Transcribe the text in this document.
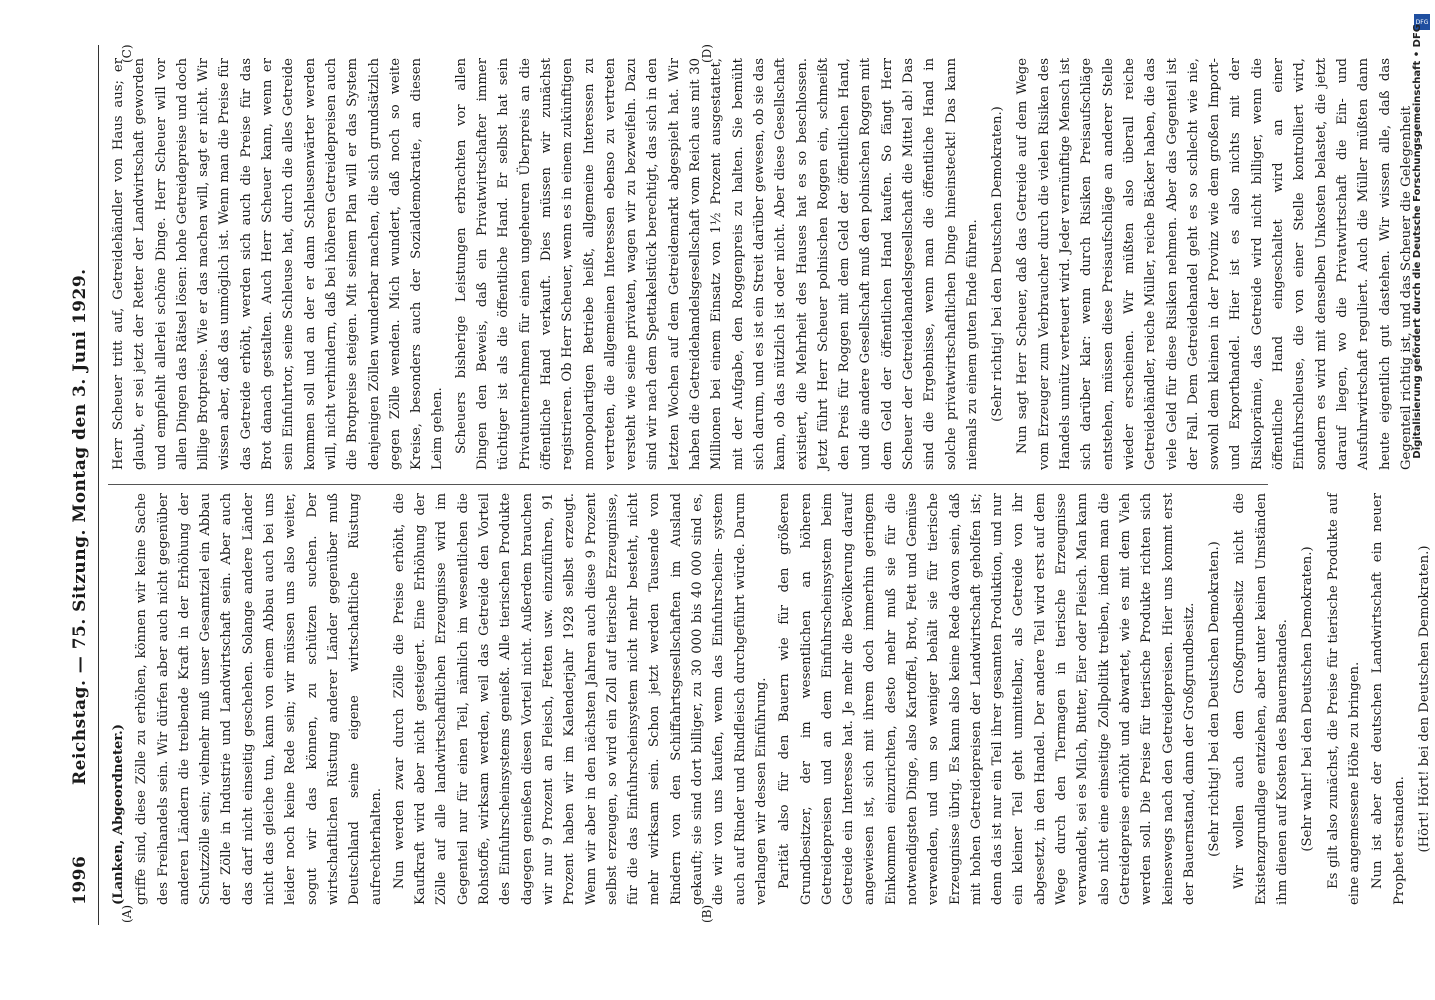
1996
Reichstag. — 75. Sitzung. Montag den 3. Juni 1929.
(A)	(B)
(C)	(D)

(Lanken, Abgeordneter.) griffe sind, diese Zölle zu erhöhen, können wir keine Sache des Freihandels sein. Wir dürfen aber auch nicht gegenüber anderen Ländern die treibende Kraft in der Erhöhung der Schutzzölle sein; vielmehr muß unser Gesamtziel ein Abbau der Zölle in Industrie und Landwirtschaft sein. Aber auch das darf nicht einseitig geschehen. Solange andere Länder nicht das gleiche tun, kann von einem Abbau auch bei uns leider noch keine Rede sein; wir müssen uns also weiter, sogut wir das können, zu schützen suchen. Der wirtschaftlichen Rüstung anderer Länder gegenüber muß Deutschland seine eigene wirtschaftliche Rüstung aufrechterhalten. Nun werden zwar durch Zölle die Preise erhöht, die Kaufkraft wird aber nicht gesteigert. Eine Erhöhung der Zölle auf alle landwirtschaftlichen Erzeugnisse wird im Gegenteil nur für einen Teil, nämlich im wesentlichen die Rohstoffe, wirksam werden, weil das Getreide den Vorteil des Einfuhrscheinsystems genießt. Alle tierischen Produkte dagegen genießen diesen Vorteil nicht. Außerdem brauchen wir nur 9 Prozent an Fleisch, Fetten usw. einzuführen, 91 Prozent haben wir im Kalenderjahr 1928 selbst erzeugt. Wenn wir aber in den nächsten Jahren auch diese 9 Prozent selbst erzeugen, so wird ein Zoll auf tierische Erzeugnisse, für die das Einfuhrscheinsystem nicht mehr besteht, nicht mehr wirksam sein. Schon jetzt werden Tausende von Rindern von den Schiffahrtsgesellschaften im Ausland gekauft; sie sind dort billiger, zu 30 000 bis 40 000 sind es, die wir von uns kaufen, wenn das Einfuhrschein- system auch auf Rinder und Rindfleisch durchgeführt würde. Darum verlangen wir dessen Einführung. Parität also für den Bauern wie für den größeren Grundbesitzer, der im wesentlichen an höheren Getreidepreisen und an dem Einfuhrscheinsystem beim Getreide ein Interesse hat. Je mehr die Bevölkerung darauf angewiesen ist, sich mit ihrem doch immerhin geringem Einkommen einzurichten, desto mehr muß sie für die notwendigsten Dinge, also Kartoffel, Brot, Fett und Gemüse verwenden, und um so weniger behält sie für tierische Erzeugnisse übrig. Es kann also keine Rede davon sein, daß mit hohen Getreidepreisen der Landwirtschaft geholfen ist; denn das ist nur ein Teil ihrer gesamten Produktion, und nur ein kleiner Teil geht unmittelbar, als Getreide von ihr abgesetzt, in den Handel. Der andere Teil wird erst auf dem Wege durch den Tiermagen in tierische Erzeugnisse verwandelt, sei es Milch, Butter, Eier oder Fleisch. Man kann also nicht eine einseitige Zollpolitik treiben, indem man die Getreidepreise erhöht und abwartet, wie es mit dem Vieh werden soll. Die Preise für tierische Produkte richten sich keineswegs nach den Getreidepreisen. Hier uns kommt erst der Bauernstand, dann der Großgrundbesitz. (Sehr richtig! bei den Deutschen Demokraten.) Wir wollen auch dem Großgrundbesitz nicht die Existenzgrundlage entziehen, aber unter keinen Umständen ihm dienen auf Kosten des Bauernstandes. (Sehr wahr! bei den Deutschen Demokraten.) Es gilt also zunächst, die Preise für tierische Produkte auf eine angemessene Höhe zu bringen. Nun ist aber der deutschen Landwirtschaft ein neuer Prophet erstanden. (Hört! Hört! bei den Deutschen Demokraten.)

Herr Scheuer tritt auf, Getreidehändler von Haus aus; er glaubt, er sei jetzt der Retter der Landwirtschaft geworden und empfiehlt allerlei schöne Dinge. Herr Scheuer will vor allen Dingen das Rätsel lösen: hohe Getreidepreise und doch billige Brotpreise. Wie er das machen will, sagt er nicht. Wir wissen aber, daß das unmöglich ist. Wenn man die Preise für das Getreide erhöht, werden sich auch die Preise für das Brot danach gestalten. Auch Herr Scheuer kann, wenn er sein Einfuhrtor, seine Schleuse hat, durch die alles Getreide kommen soll und an der er dann Schleusenwärter werden will, nicht verhindern, daß bei höheren Getreidepreisen auch die Brotpreise steigen. Mit seinem Plan will er das System denjenigen Zöllen wunderbar machen, die sich grundsätzlich gegen Zölle wenden. Mich wundert, daß noch so weite Kreise, besonders auch der Sozialdemokratie, an diesen Leim gehen. Scheuers bisherige Leistungen erbrachten vor allen Dingen den Beweis, daß ein Privatwirtschafter immer tüchtiger ist als die öffentliche Hand. Er selbst hat sein Privatunternehmen für einen ungeheuren Überpreis an die öffentliche Hand verkauft. Dies müssen wir zunächst registrieren. Ob Herr Scheuer, wenn es in einem zukünftigen monopolartigen Betriebe heißt, allgemeine Interessen zu vertreten, die allgemeinen Interessen ebenso zu vertreten versteht wie seine privaten, wagen wir zu bezweifeln. Dazu sind wir nach dem Spettakelstück berechtigt, das sich in den letzten Wochen auf dem Getreidemarkt abgespielt hat. Wir haben die Getreidehandelsgesellschaft vom Reich aus mit 30 Millionen bei einem Einsatz von 1½ Prozent ausgestattet, mit der Aufgabe, den Roggenpreis zu halten. Sie bemüht sich darum, und es ist ein Streit darüber gewesen, ob sie das kann, ob das nützlich ist oder nicht. Aber diese Gesellschaft existiert, die Mehrheit des Hauses hat es so beschlossen. Jetzt führt Herr Scheuer polnischen Roggen ein, schmeißt den Preis für Roggen mit dem Geld der öffentlichen Hand, und die andere Gesellschaft muß den polnischen Roggen mit dem Geld der öffentlichen Hand kaufen. So fängt Herr Scheuer der Getreidehandelsgesellschaft die Mittel ab! Das sind die Ergebnisse, wenn man die öffentliche Hand in solche privatwirtschaftlichen Dinge hineinsteckt! Das kann niemals zu einem guten Ende führen. (Sehr richtig! bei den Deutschen Demokraten.) Nun sagt Herr Scheuer, daß das Getreide auf dem Wege vom Erzeuger zum Verbraucher durch die vielen Risiken des Handels unnütz verteuert wird. Jeder vernünftige Mensch ist sich darüber klar: wenn durch Risiken Preisaufschläge entstehen, müssen diese Preisaufschläge an anderer Stelle wieder erscheinen. Wir müßten also überall reiche Getreidehändler, reiche Müller, reiche Bäcker haben, die das viele Geld für diese Risiken nehmen. Aber das Gegenteil ist der Fall. Dem Getreidehandel geht es so schlecht wie nie, sowohl dem kleinen in der Provinz wie dem großen Import- und Exporthandel. Hier ist es also nichts mit der Risikoprämie, das Getreide wird nicht billiger, wenn die öffentliche Hand eingeschaltet wird an einer Einfuhrschleuse, die von einer Stelle kontrolliert wird, sondern es wird mit denselben Unkosten belastet, die jetzt darauf liegen, wo die Privatwirtschaft die Ein- und Ausfuhrwirtschaft reguliert. Auch die Müller müßten dann heute eigentlich gut dastehen. Wir wissen alle, daß das Gegenteil richtig ist, und das Scheuer die Gelegenheit

DFG
Digitalisierung gefördert durch die Deutsche Forschungsgemeinschaft • DFG
